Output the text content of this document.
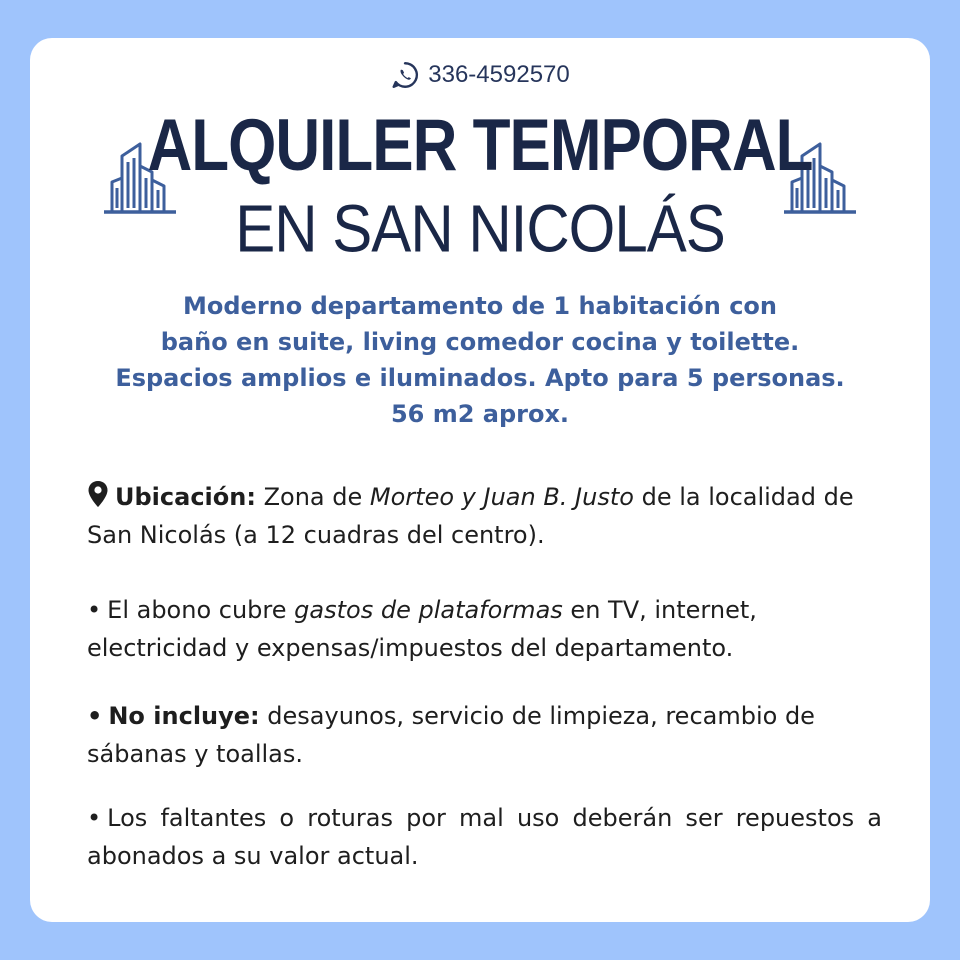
336-4592570
ALQUILER TEMPORAL
EN SAN NICOLÁS
Moderno departamento de 1 habitación con
baño en suite, living comedor cocina y toilette.
Espacios amplios e iluminados. Apto para 5 personas.
56 m2 aprox.
Ubicación: Zona de Morteo y Juan B. Justo de la localidad de San Nicolás (a 12 cuadras del centro).
• El abono cubre gastos de plataformas en TV, internet, electricidad y expensas/impuestos del departamento.
• No incluye: desayunos, servicio de limpieza, recambio de sábanas y toallas.
• Los faltantes o roturas por mal uso deberán ser repuestos a abonados a su valor actual.
